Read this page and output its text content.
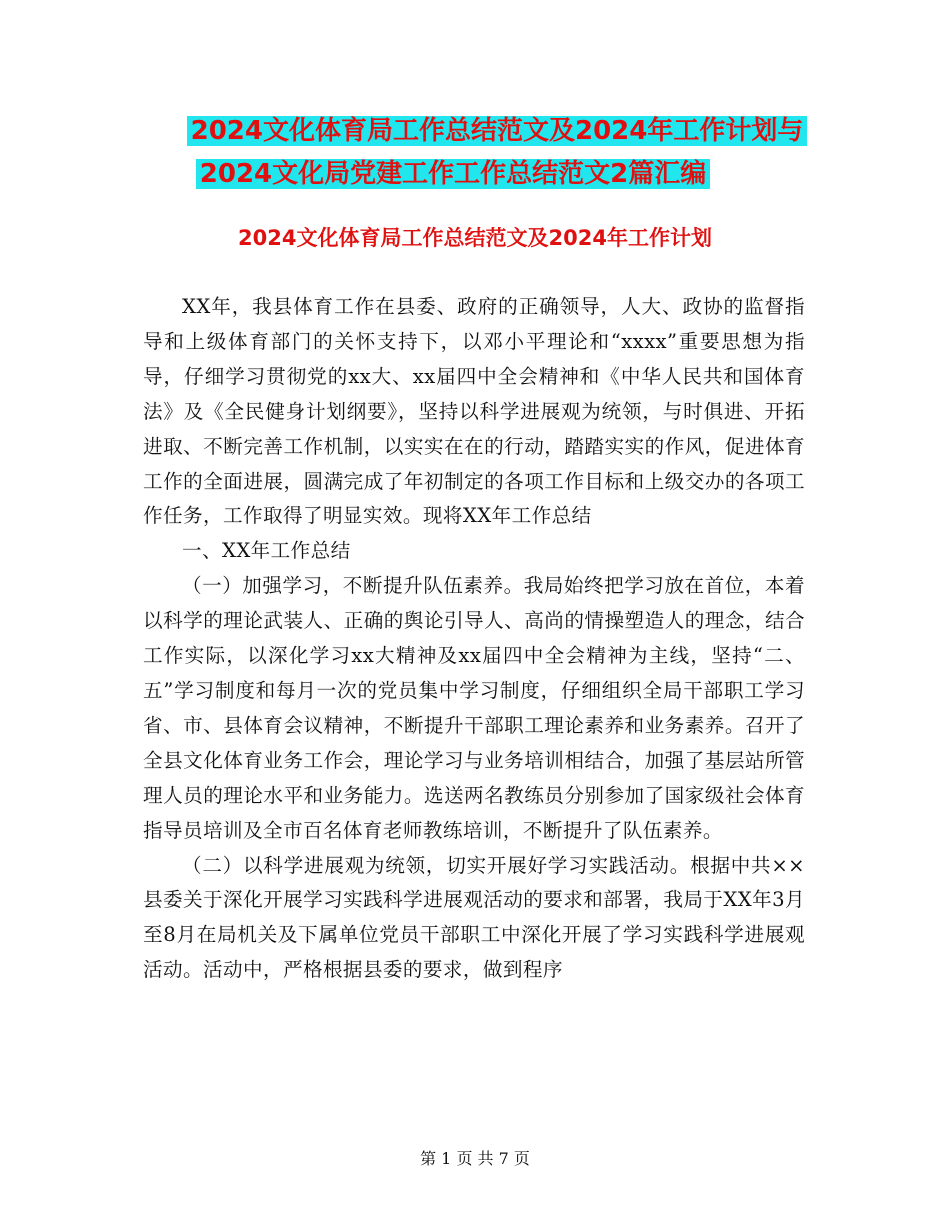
2024文化体育局工作总结范文及2024年工作计划与
2024文化局党建工作工作总结范文2篇汇编
2024文化体育局工作总结范文及2024年工作计划

XX年，我县体育工作在县委、政府的正确领导，人大、政协的监督指导和上级体育部门的关怀支持下，以邓小平理论和“xxxx”重要思想为指导，仔细学习贯彻党的xx大、xx届四中全会精神和《中华人民共和国体育法》及《全民健身计划纲要》，坚持以科学进展观为统领，与时俱进、开拓进取、不断完善工作机制，以实实在在的行动，踏踏实实的作风，促进体育工作的全面进展，圆满完成了年初制定的各项工作目标和上级交办的各项工作任务，工作取得了明显实效。现将XX年工作总结

一、XX年工作总结

（一）加强学习，不断提升队伍素养。我局始终把学习放在首位，本着以科学的理论武装人、正确的舆论引导人、高尚的情操塑造人的理念，结合工作实际，以深化学习xx大精神及xx届四中全会精神为主线，坚持“二、五”学习制度和每月一次的党员集中学习制度，仔细组织全局干部职工学习省、市、县体育会议精神，不断提升干部职工理论素养和业务素养。召开了全县文化体育业务工作会，理论学习与业务培训相结合，加强了基层站所管理人员的理论水平和业务能力。选送两名教练员分别参加了国家级社会体育指导员培训及全市百名体育老师教练培训，不断提升了队伍素养。

（二）以科学进展观为统领，切实开展好学习实践活动。根据中共××县委关于深化开展学习实践科学进展观活动的要求和部署，我局于XX年3月至8月在局机关及下属单位党员干部职工中深化开展了学习实践科学进展观活动。活动中，严格根据县委的要求，做到程序

第 1 页 共 7 页
